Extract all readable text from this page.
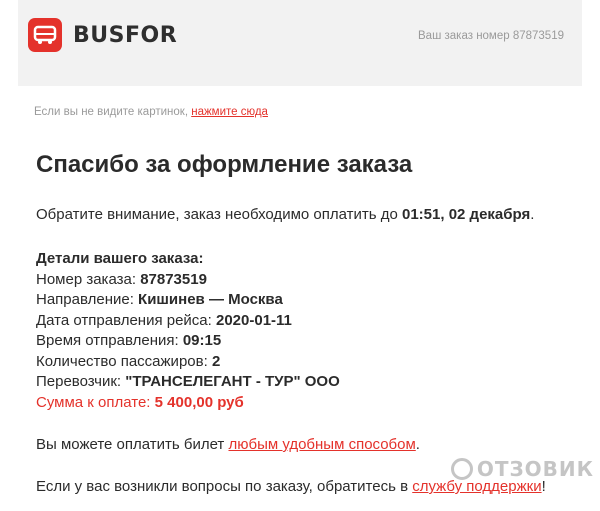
BUSFOR	Ваш заказ номер 87873519
Если вы не видите картинок, нажмите сюда
Спасибо за оформление заказа
Обратите внимание, заказ необходимо оплатить до 01:51, 02 декабря.
Детали вашего заказа:
Номер заказа: 87873519
Направление: Кишинев — Москва
Дата отправления рейса: 2020-01-11
Время отправления: 09:15
Количество пассажиров: 2
Перевозчик: "ТРАНСЕЛЕГАНТ - ТУР" ООО
Сумма к оплате: 5 400,00 руб
Вы можете оплатить билет любым удобным способом.
Если у вас возникли вопросы по заказу, обратитесь в службу поддержки!
ОТЗОВИК
